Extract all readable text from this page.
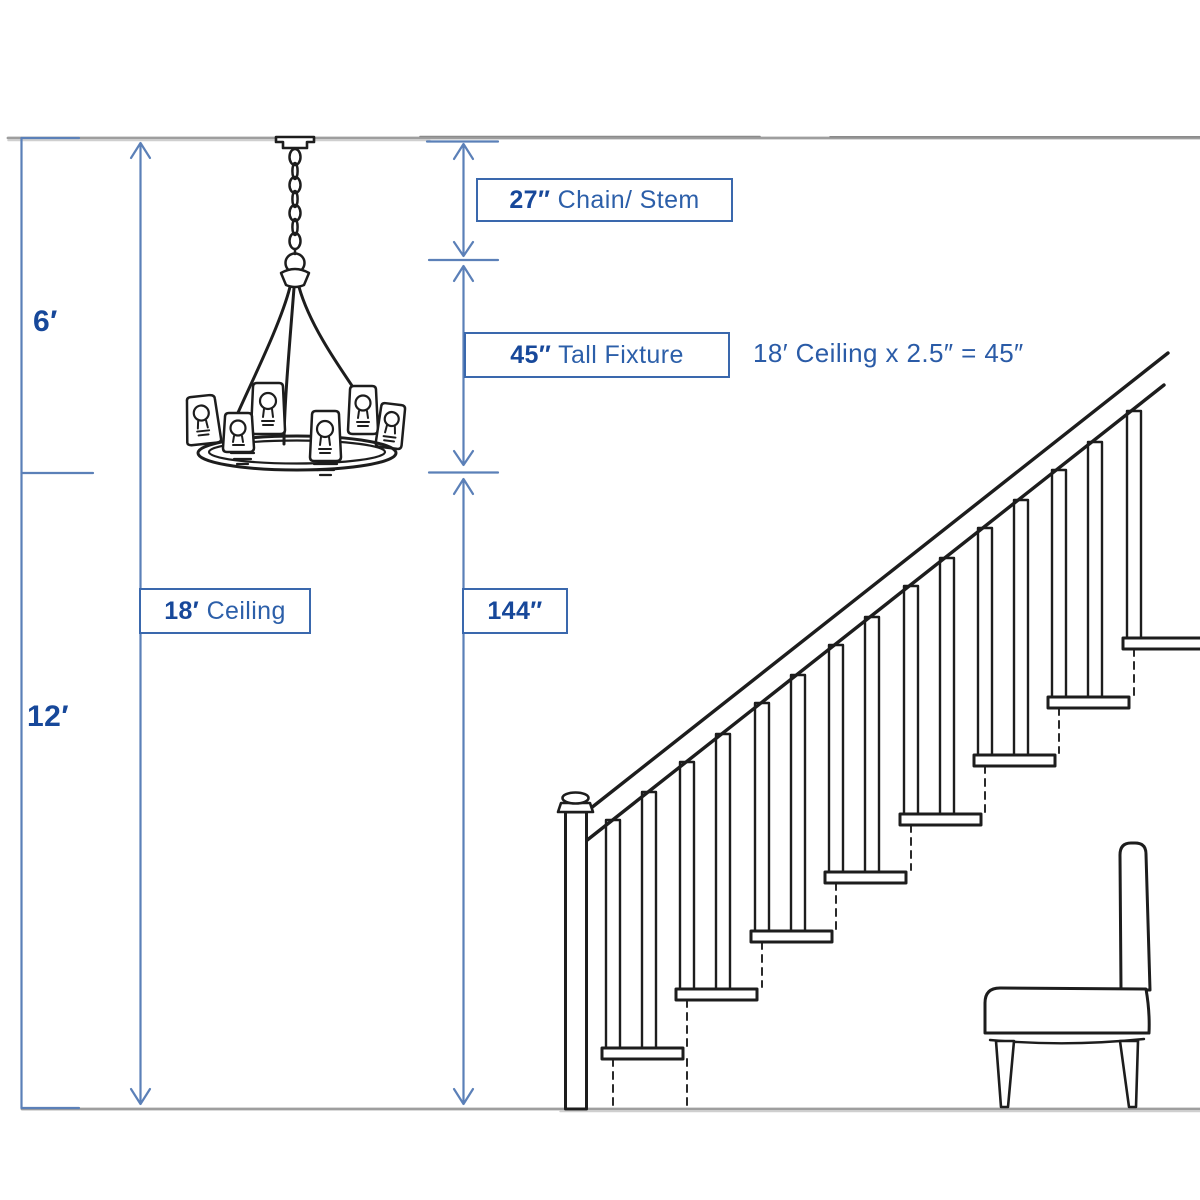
27″ Chain/ Stem
45″ Tall Fixture	18′ Ceiling x 2.5″ = 45″
18′ Ceiling	144″
6′
12′
